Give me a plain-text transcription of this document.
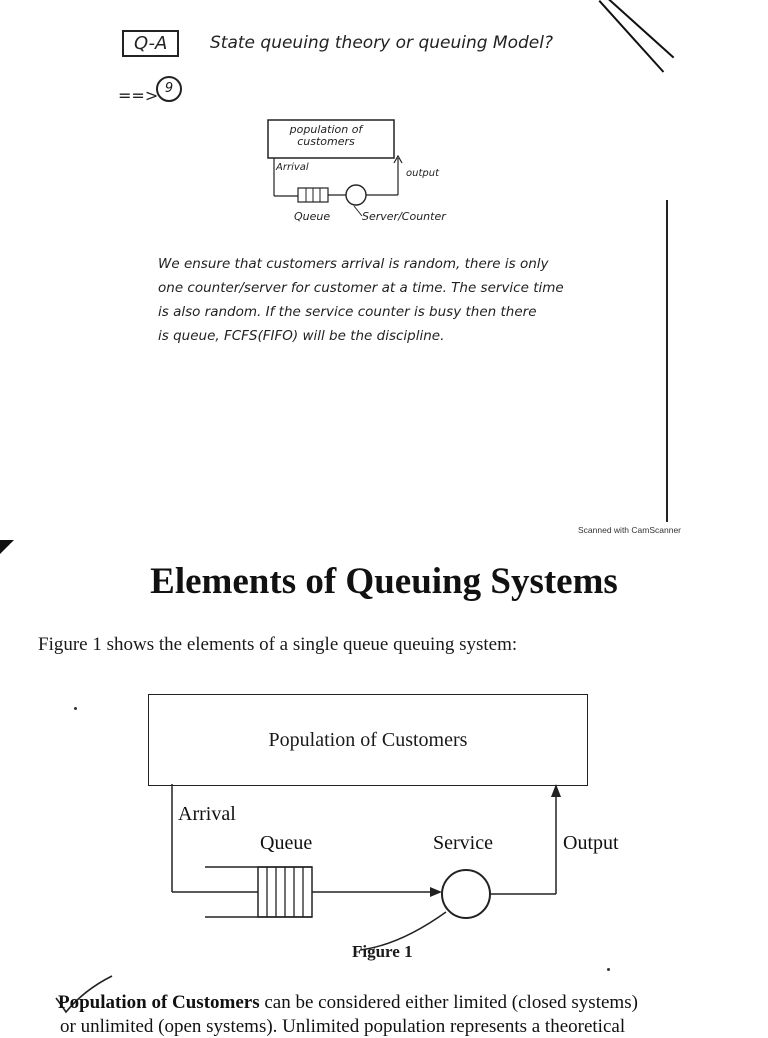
Q-A	State queuing theory or queuing Model?
==> 9
population of customers
Arrival
output
Queue	Server/Counter
We ensure that customers arrival is random, there is only
one counter/server for customer at a time. The service time
is also random. If the service counter is busy then there
is queue, FCFS(FIFO) will be the discipline.
Scanned with CamScanner
Elements of Queuing Systems
Figure 1 shows the elements of a single queue queuing system:
Population of Customers
Arrival
Queue	Service	Output
Figure 1
Population of Customers can be considered either limited (closed systems)
or unlimited (open systems). Unlimited population represents a theoretical
